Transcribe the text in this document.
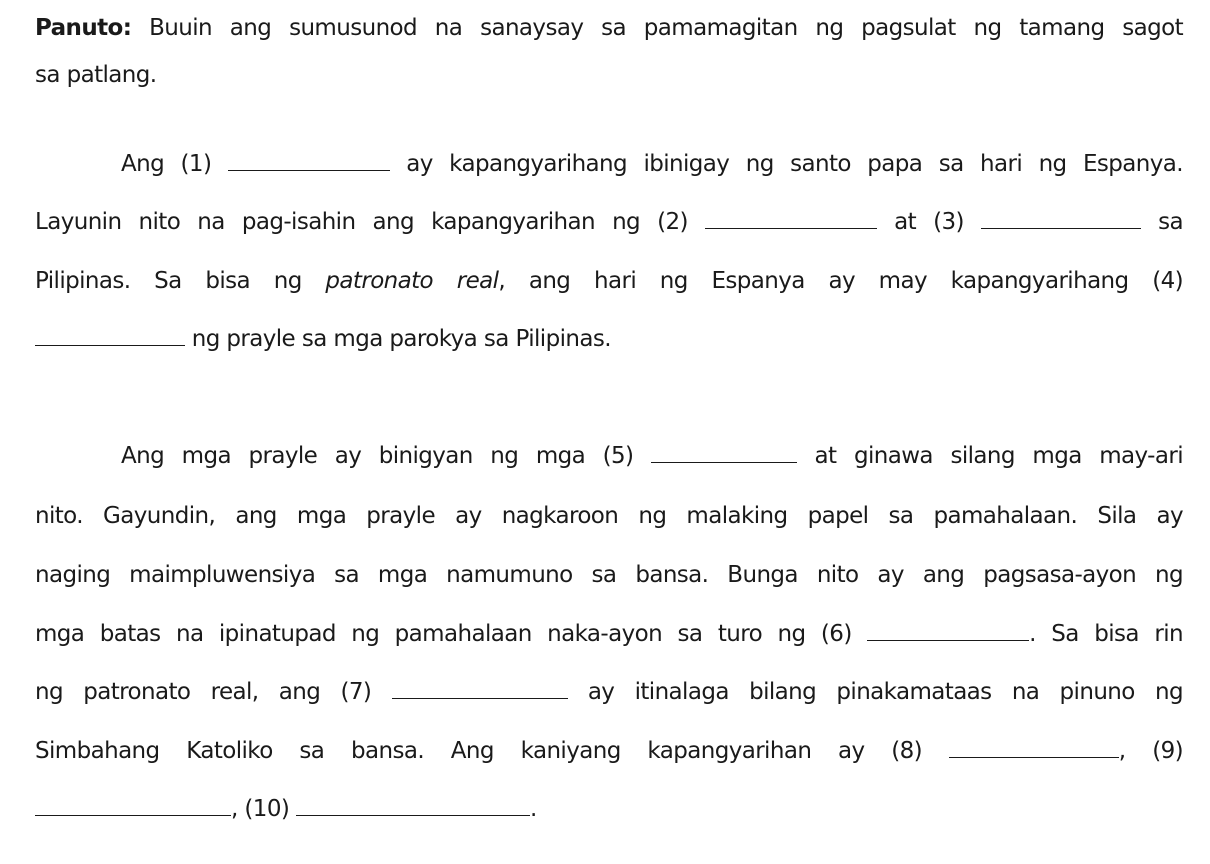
Panuto: Buuin ang sumusunod na sanaysay sa pamamagitan ng pagsulat ng tamang sagot
sa patlang.
Ang (1)	ay kapangyarihang ibinigay ng santo papa sa hari ng Espanya.
Layunin nito na pag-isahin ang kapangyarihan ng (2)	at (3)	sa
Pilipinas. Sa bisa ng patronato real, ang hari ng Espanya ay may kapangyarihang (4)
ng prayle sa mga parokya sa Pilipinas.
Ang mga prayle ay binigyan ng mga (5)	at ginawa silang mga may-ari
nito. Gayundin, ang mga prayle ay nagkaroon ng malaking papel sa pamahalaan. Sila ay
naging maimpluwensiya sa mga namumuno sa bansa. Bunga nito ay ang pagsasa-ayon ng
mga batas na ipinatupad ng pamahalaan naka-ayon sa turo ng (6)	. Sa bisa rin
ng patronato real, ang (7)	ay itinalaga bilang pinakamataas na pinuno ng
Simbahang Katoliko sa bansa. Ang kaniyang kapangyarihan ay (8)	, (9)
, (10)	.
